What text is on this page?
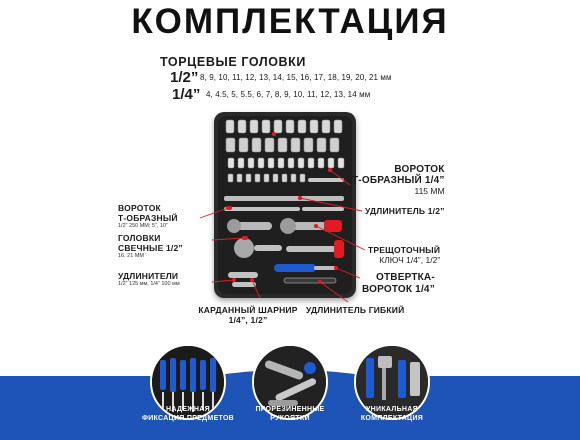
КОМПЛЕКТАЦИЯ
ТОРЦЕВЫЕ ГОЛОВКИ
1/2” 8, 9, 10, 11, 12, 13, 14, 15, 16, 17, 18, 19, 20, 21 мм
1/4” 4, 4.5, 5, 5.5, 6, 7, 8, 9, 10, 11, 12, 13, 14 мм
ВОРОТОК
Т-ОБРАЗНЫЙ 1/4”
115 ММ
УДЛИНИТЕЛЬ 1/2”
ТРЕЩОТОЧНЫЙ
КЛЮЧ 1/4”, 1/2”
ОТВЕРТКА-
ВОРОТОК 1/4”
УДЛИНИТЕЛЬ ГИБКИЙ
ВОРОТОК
Т-ОБРАЗНЫЙ
1/2” 250 ММ; 5”, 10”
ГОЛОВКИ
СВЕЧНЫЕ 1/2”
16, 21 ММ
УДЛИНИТЕЛИ
1/2” 125 мм, 1/4” 100 мм
КАРДАННЫЙ ШАРНИР
1/4”, 1/2”
НАДЕЖНАЯ
ФИКСАЦИЯ ПРЕДМЕТОВ
ПРОРЕЗИНЕННЫЕ
РУКОЯТКИ
УНИКАЛЬНАЯ
КОМПЛЕКТАЦИЯ
